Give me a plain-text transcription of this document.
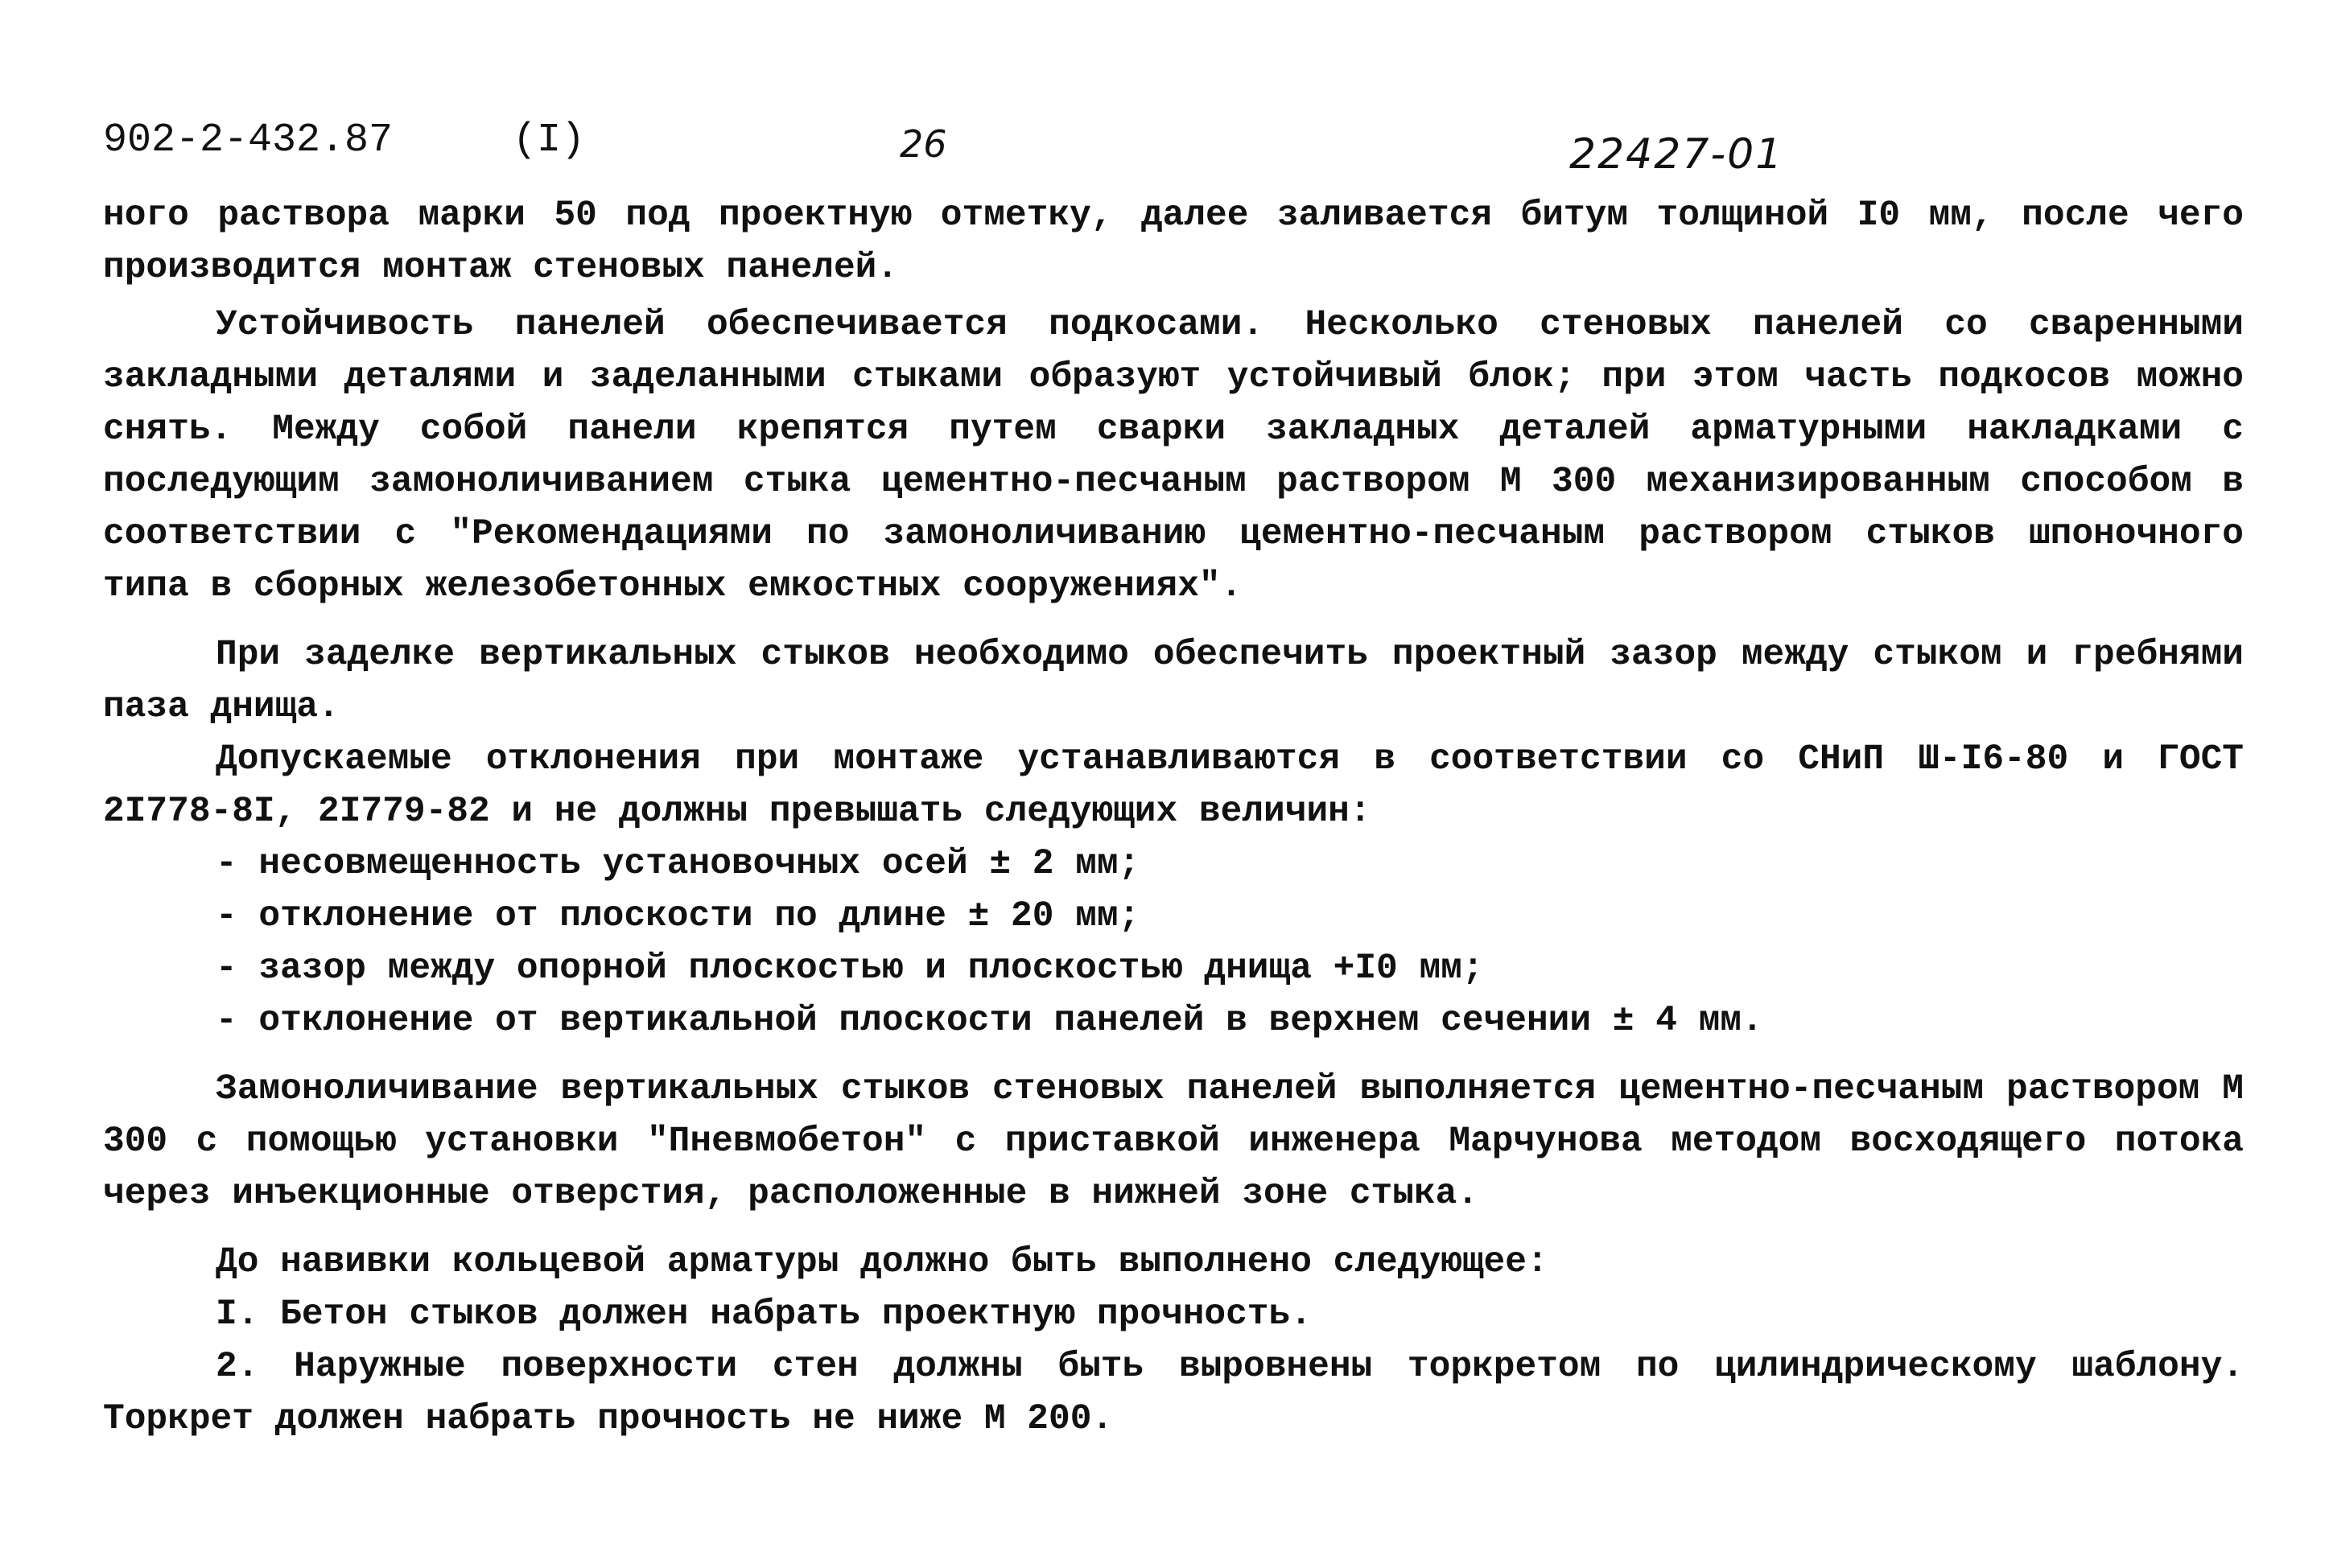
902-2-432.87	(I)	26	22427-01

ного раствора марки 50 под проектную отметку, далее заливается битум толщиной I0 мм, после чего производится монтаж стеновых панелей.

Устойчивость панелей обеспечивается подкосами. Несколько стеновых панелей со сваренными закладными деталями и заделанными стыками образуют устойчивый блок; при этом часть подкосов можно снять. Между собой панели крепятся путем сварки закладных деталей арматурными накладками с последующим замоноличиванием стыка цементно-песчаным раствором М 300 механизированным способом в соответствии с "Рекомендациями по замоноличиванию цементно-песчаным раствором стыков шпоночного типа в сборных железобетонных емкостных сооружениях".

При заделке вертикальных стыков необходимо обеспечить проектный зазор между стыком и гребнями паза днища.

Допускаемые отклонения при монтаже устанавливаются в соответствии со СНиП Ш-I6-80 и ГОСТ 2I778-8I, 2I779-82 и не должны превышать следующих величин:

- несовмещенность установочных осей ± 2 мм;
- отклонение от плоскости по длине ± 20 мм;
- зазор между опорной плоскостью и плоскостью днища +I0 мм;
- отклонение от вертикальной плоскости панелей в верхнем сечении ± 4 мм.

Замоноличивание вертикальных стыков стеновых панелей выполняется цементно-песчаным раствором М 300 с помощью установки "Пневмобетон" с приставкой инженера Марчунова методом восходящего потока через инъекционные отверстия, расположенные в нижней зоне стыка.

До навивки кольцевой арматуры должно быть выполнено следующее:

I. Бетон стыков должен набрать проектную прочность.

2. Наружные поверхности стен должны быть выровнены торкретом по цилиндрическому шаблону. Торкрет должен набрать прочность не ниже М 200.
